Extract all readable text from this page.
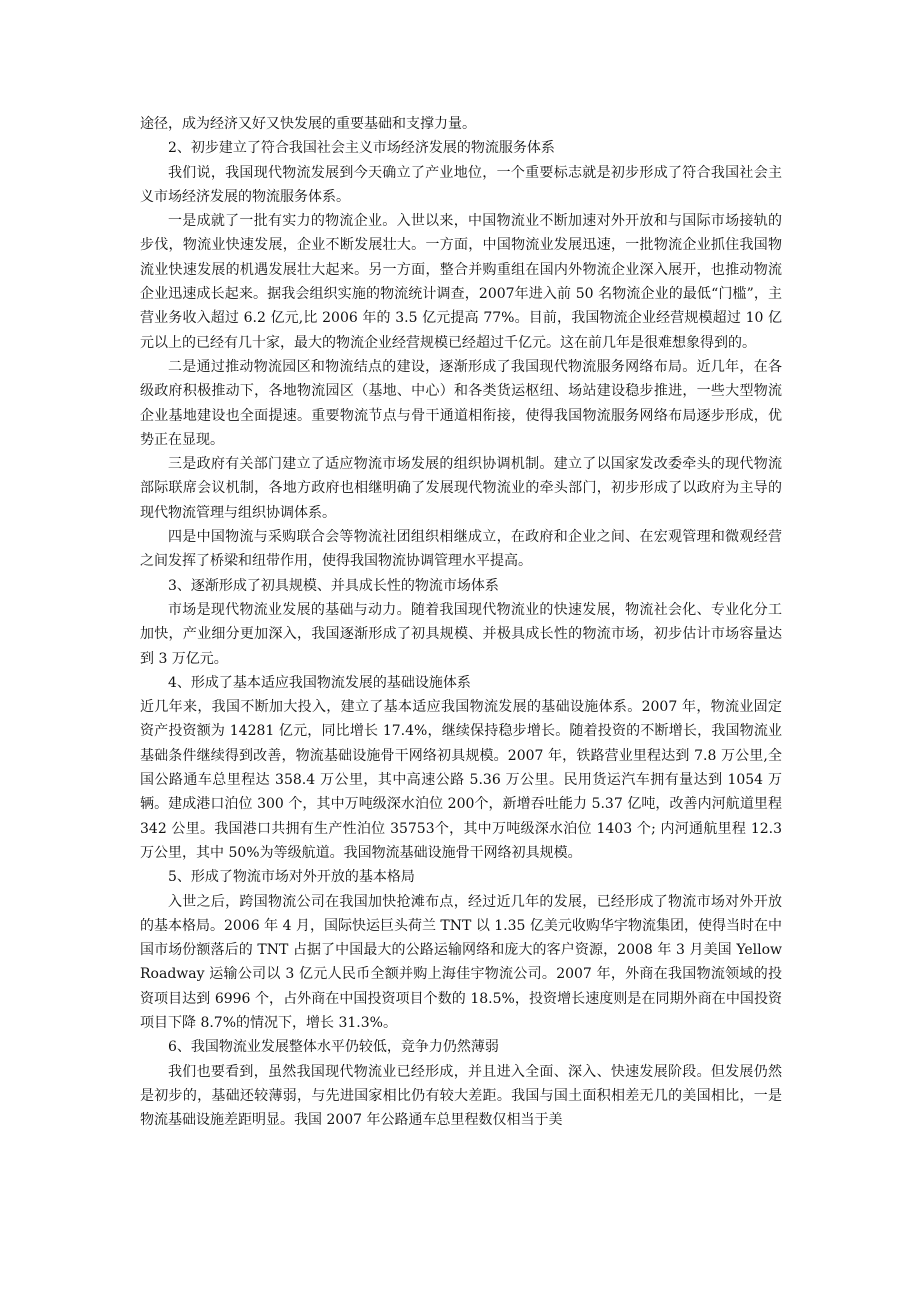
途径，成为经济又好又快发展的重要基础和支撑力量。

2、初步建立了符合我国社会主义市场经济发展的物流服务体系

我们说，我国现代物流发展到今天确立了产业地位，一个重要标志就是初步形成了符合我国社会主义市场经济发展的物流服务体系。

一是成就了一批有实力的物流企业。入世以来，中国物流业不断加速对外开放和与国际市场接轨的步伐，物流业快速发展，企业不断发展壮大。一方面，中国物流业发展迅速，一批物流企业抓住我国物流业快速发展的机遇发展壮大起来。另一方面，整合并购重组在国内外物流企业深入展开，也推动物流企业迅速成长起来。据我会组织实施的物流统计调查，2007年进入前 50 名物流企业的最低“门槛”，主营业务收入超过 6.2 亿元,比 2006 年的 3.5 亿元提高 77%。目前，我国物流企业经营规模超过 10 亿元以上的已经有几十家，最大的物流企业经营规模已经超过千亿元。这在前几年是很难想象得到的。

二是通过推动物流园区和物流结点的建设，逐渐形成了我国现代物流服务网络布局。近几年，在各级政府积极推动下，各地物流园区（基地、中心）和各类货运枢纽、场站建设稳步推进，一些大型物流企业基地建设也全面提速。重要物流节点与骨干通道相衔接，使得我国物流服务网络布局逐步形成，优势正在显现。

三是政府有关部门建立了适应物流市场发展的组织协调机制。建立了以国家发改委牵头的现代物流部际联席会议机制，各地方政府也相继明确了发展现代物流业的牵头部门，初步形成了以政府为主导的现代物流管理与组织协调体系。

四是中国物流与采购联合会等物流社团组织相继成立，在政府和企业之间、在宏观管理和微观经营之间发挥了桥梁和纽带作用，使得我国物流协调管理水平提高。

3、逐渐形成了初具规模、并具成长性的物流市场体系

市场是现代物流业发展的基础与动力。随着我国现代物流业的快速发展，物流社会化、专业化分工加快，产业细分更加深入，我国逐渐形成了初具规模、并极具成长性的物流市场，初步估计市场容量达到 3 万亿元。

4、形成了基本适应我国物流发展的基础设施体系

近几年来，我国不断加大投入，建立了基本适应我国物流发展的基础设施体系。2007 年，物流业固定资产投资额为 14281 亿元，同比增长 17.4%，继续保持稳步增长。随着投资的不断增长，我国物流业基础条件继续得到改善，物流基础设施骨干网络初具规模。2007 年，铁路营业里程达到 7.8 万公里,全国公路通车总里程达 358.4 万公里，其中高速公路 5.36 万公里。民用货运汽车拥有量达到 1054 万辆。建成港口泊位 300 个，其中万吨级深水泊位 200个，新增吞吐能力 5.37 亿吨，改善内河航道里程 342 公里。我国港口共拥有生产性泊位 35753个，其中万吨级深水泊位 1403 个; 内河通航里程 12.3 万公里，其中 50%为等级航道。我国物流基础设施骨干网络初具规模。

5、形成了物流市场对外开放的基本格局

入世之后，跨国物流公司在我国加快抢滩布点，经过近几年的发展，已经形成了物流市场对外开放的基本格局。2006 年 4 月，国际快运巨头荷兰 TNT 以 1.35 亿美元收购华宇物流集团，使得当时在中国市场份额落后的 TNT 占据了中国最大的公路运输网络和庞大的客户资源，2008 年 3 月美国 Yellow Roadway 运输公司以 3 亿元人民币全额并购上海佳宇物流公司。2007 年，外商在我国物流领域的投资项目达到 6996 个，占外商在中国投资项目个数的 18.5%，投资增长速度则是在同期外商在中国投资项目下降 8.7%的情况下，增长 31.3%。

6、我国物流业发展整体水平仍较低，竞争力仍然薄弱

我们也要看到，虽然我国现代物流业已经形成，并且进入全面、深入、快速发展阶段。但发展仍然是初步的，基础还较薄弱，与先进国家相比仍有较大差距。我国与国土面积相差无几的美国相比，一是物流基础设施差距明显。我国 2007 年公路通车总里程数仅相当于美
